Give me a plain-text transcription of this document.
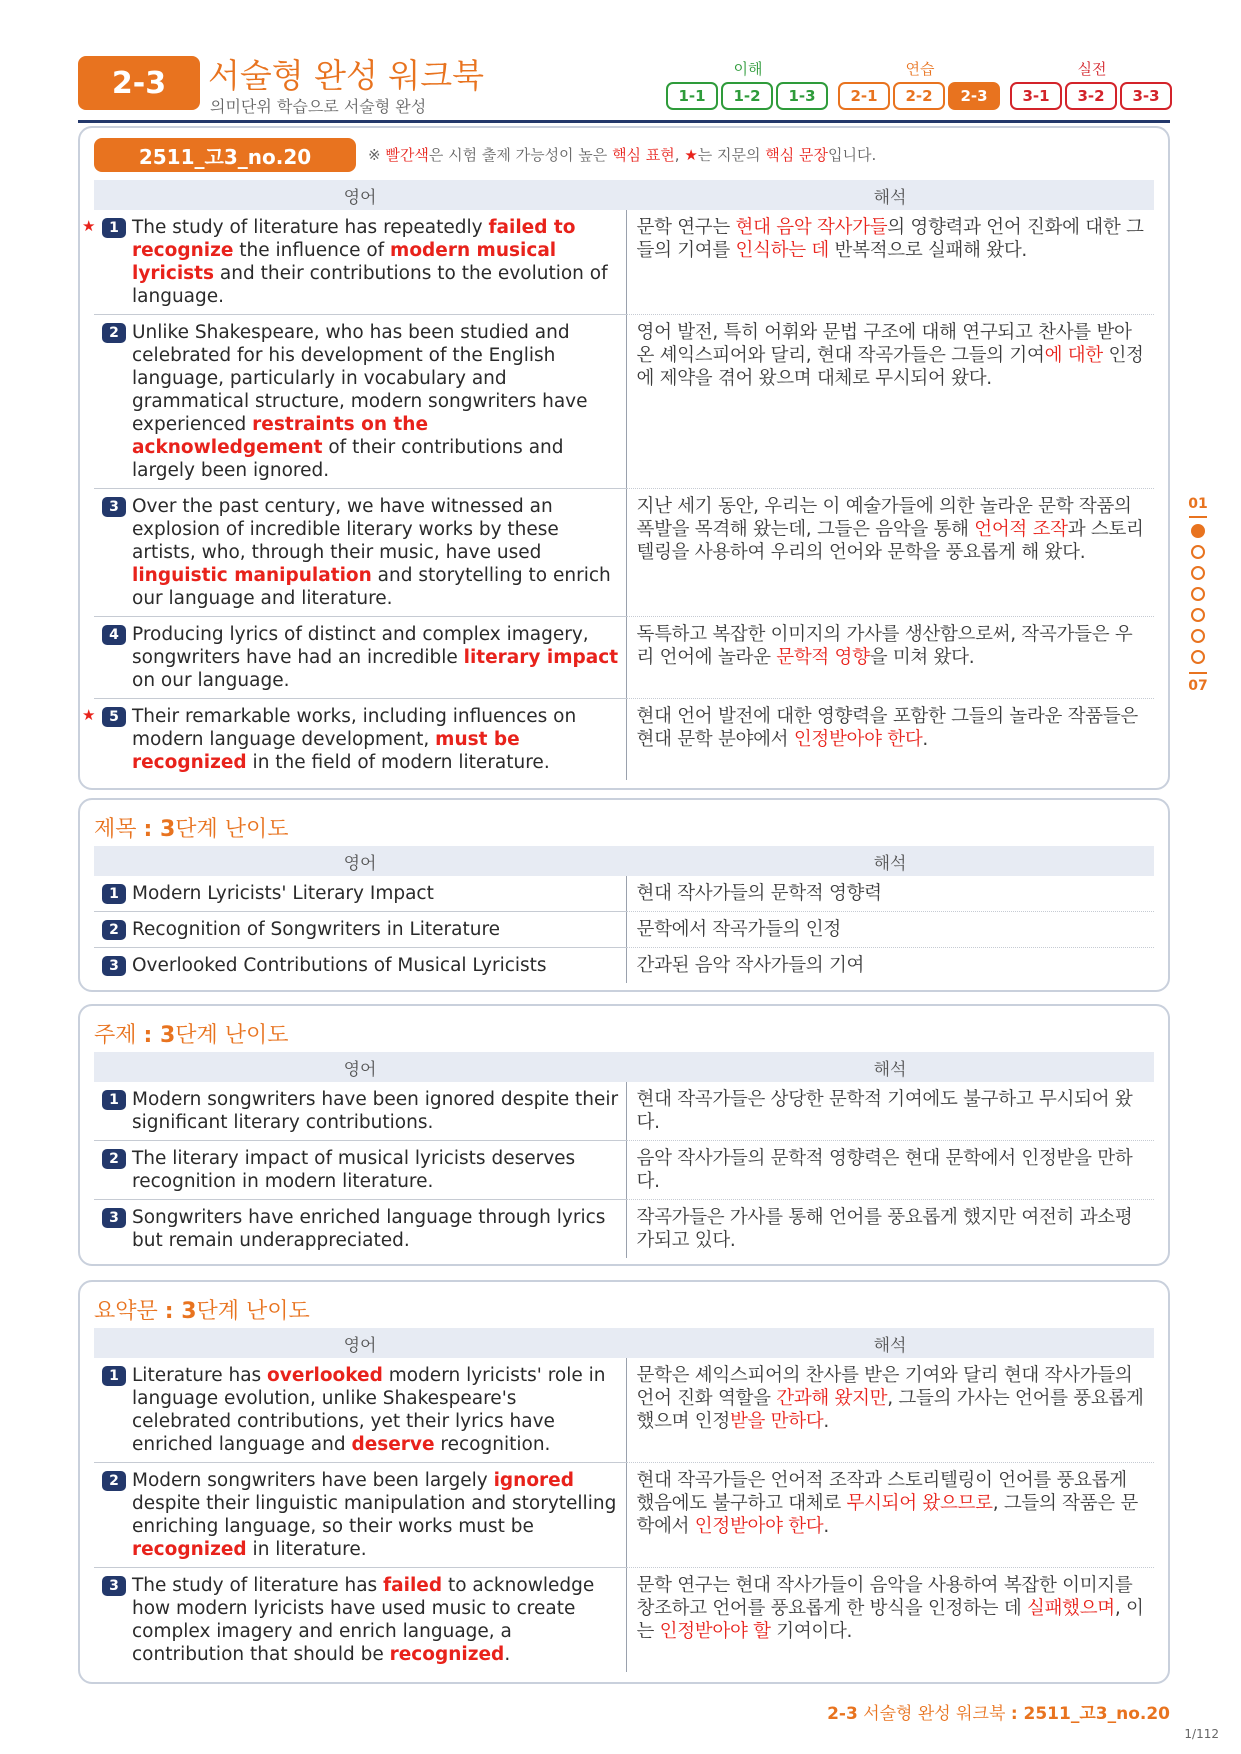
2-3	서술형 완성 워크북
의미단위 학습으로 서술형 완성
이해
1-1	1-2	1-3
연습
2-1	2-2	2-3
실전
3-1	3-2	3-3
01
07
2511_고3_no.20	※ 빨간색은 시험 출제 가능성이 높은 핵심 표현, ★는 지문의 핵심 문장입니다.
영어	해석

★ 1 The study of literature has repeatedly failed to recognize the influence of modern musical lyricists and their contributions to the evolution of language.	문학 연구는 현대 음악 작사가들의 영향력과 언어 진화에 대한 그들의 기여를 인식하는 데 반복적으로 실패해 왔다.

2 Unlike Shakespeare, who has been studied and celebrated for his development of the English language, particularly in vocabulary and grammatical structure, modern songwriters have experienced restraints on the acknowledgement of their contributions and largely been ignored.	영어 발전, 특히 어휘와 문법 구조에 대해 연구되고 찬사를 받아온 셰익스피어와 달리, 현대 작곡가들은 그들의 기여에 대한 인정에 제약을 겪어 왔으며 대체로 무시되어 왔다.

3 Over the past century, we have witnessed an explosion of incredible literary works by these artists, who, through their music, have used linguistic manipulation and storytelling to enrich our language and literature.	지난 세기 동안, 우리는 이 예술가들에 의한 놀라운 문학 작품의 폭발을 목격해 왔는데, 그들은 음악을 통해 언어적 조작과 스토리텔링을 사용하여 우리의 언어와 문학을 풍요롭게 해 왔다.

4 Producing lyrics of distinct and complex imagery, songwriters have had an incredible literary impact on our language.	독특하고 복잡한 이미지의 가사를 생산함으로써, 작곡가들은 우리 언어에 놀라운 문학적 영향을 미쳐 왔다.

★ 5 Their remarkable works, including influences on modern language development, must be recognized in the field of modern literature.	현대 언어 발전에 대한 영향력을 포함한 그들의 놀라운 작품들은 현대 문학 분야에서 인정받아야 한다.
제목 : 3단계 난이도
영어	해석

1 Modern Lyricists' Literary Impact	현대 작사가들의 문학적 영향력

2 Recognition of Songwriters in Literature	문학에서 작곡가들의 인정

3 Overlooked Contributions of Musical Lyricists	간과된 음악 작사가들의 기여
주제 : 3단계 난이도
영어	해석

1 Modern songwriters have been ignored despite their significant literary contributions.	현대 작곡가들은 상당한 문학적 기여에도 불구하고 무시되어 왔다.

2 The literary impact of musical lyricists deserves recognition in modern literature.	음악 작사가들의 문학적 영향력은 현대 문학에서 인정받을 만하다.

3 Songwriters have enriched language through lyrics but remain underappreciated.	작곡가들은 가사를 통해 언어를 풍요롭게 했지만 여전히 과소평가되고 있다.
요약문 : 3단계 난이도
영어	해석

1 Literature has overlooked modern lyricists' role in language evolution, unlike Shakespeare's celebrated contributions, yet their lyrics have enriched language and deserve recognition.	문학은 셰익스피어의 찬사를 받은 기여와 달리 현대 작사가들의 언어 진화 역할을 간과해 왔지만, 그들의 가사는 언어를 풍요롭게 했으며 인정받을 만하다.

2 Modern songwriters have been largely ignored despite their linguistic manipulation and storytelling enriching language, so their works must be recognized in literature.	현대 작곡가들은 언어적 조작과 스토리텔링이 언어를 풍요롭게 했음에도 불구하고 대체로 무시되어 왔으므로, 그들의 작품은 문학에서 인정받아야 한다.

3 The study of literature has failed to acknowledge how modern lyricists have used music to create complex imagery and enrich language, a contribution that should be recognized.	문학 연구는 현대 작사가들이 음악을 사용하여 복잡한 이미지를 창조하고 언어를 풍요롭게 한 방식을 인정하는 데 실패했으며, 이는 인정받아야 할 기여이다.
2-3 서술형 완성 워크북 : 2511_고3_no.20
1/112
